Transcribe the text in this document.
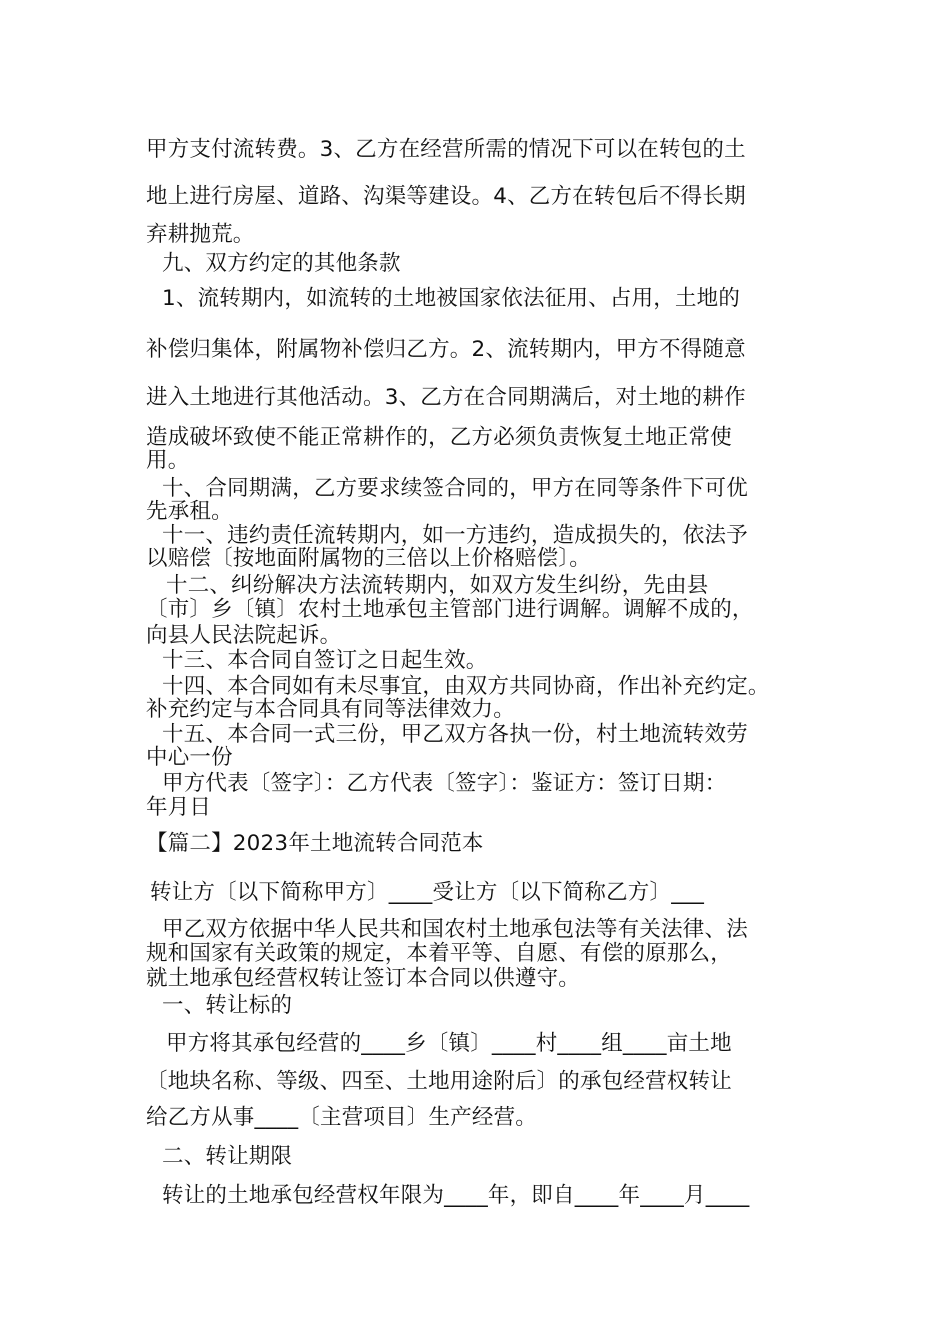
甲方支付流转费。3、乙方在经营所需的情况下可以在转包的土
地上进行房屋、道路、沟渠等建设。4、乙方在转包后不得长期
弃耕抛荒。
九、双方约定的其他条款
1、流转期内，如流转的土地被国家依法征用、占用，土地的
补偿归集体，附属物补偿归乙方。2、流转期内，甲方不得随意
进入土地进行其他活动。3、乙方在合同期满后，对土地的耕作
造成破坏致使不能正常耕作的，乙方必须负责恢复土地正常使
用。
十、合同期满，乙方要求续签合同的，甲方在同等条件下可优
先承租。
十一、违约责任流转期内，如一方违约，造成损失的，依法予
以赔偿〔按地面附属物的三倍以上价格赔偿〕。
十二、纠纷解决方法流转期内，如双方发生纠纷，先由县
〔市〕乡〔镇〕农村土地承包主管部门进行调解。调解不成的，
向县人民法院起诉。
十三、本合同自签订之日起生效。
十四、本合同如有未尽事宜，由双方共同协商，作出补充约定。
补充约定与本合同具有同等法律效力。
十五、本合同一式三份，甲乙双方各执一份，村土地流转效劳
中心一份
甲方代表〔签字〕：乙方代表〔签字〕：鉴证方：签订日期：
年月日
【篇二】2023年土地流转合同范本
转让方〔以下简称甲方〕____受让方〔以下简称乙方〕___
甲乙双方依据中华人民共和国农村土地承包法等有关法律、法
规和国家有关政策的规定，本着平等、自愿、有偿的原那么，
就土地承包经营权转让签订本合同以供遵守。
一、转让标的
甲方将其承包经营的____乡〔镇〕____村____组____亩土地
〔地块名称、等级、四至、土地用途附后〕的承包经营权转让
给乙方从事____〔主营项目〕生产经营。
二、转让期限
转让的土地承包经营权年限为____年，即自____年____月____
